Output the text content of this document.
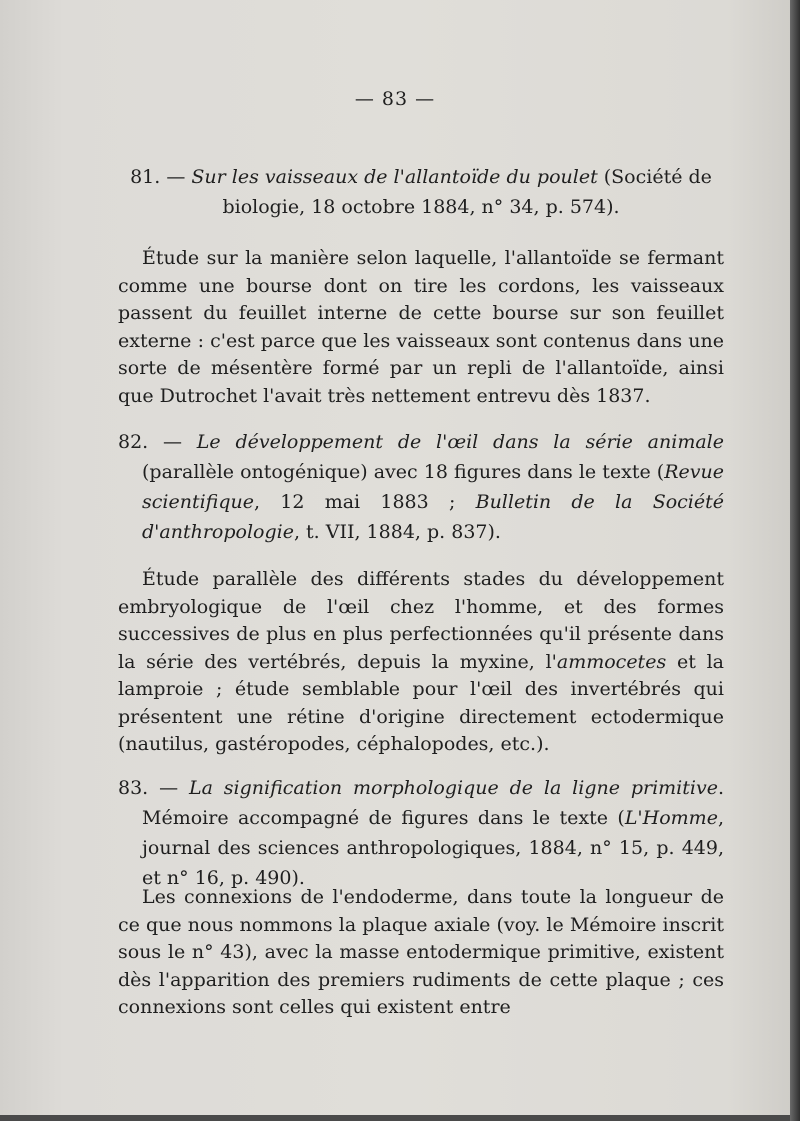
— 83 —
81. — Sur les vaisseaux de l'allantoïde du poulet (Société de biologie, 18 octobre 1884, n° 34, p. 574).
Étude sur la manière selon laquelle, l'allantoïde se fermant comme une bourse dont on tire les cordons, les vaisseaux passent du feuillet interne de cette bourse sur son feuillet externe : c'est parce que les vaisseaux sont contenus dans une sorte de mésentère formé par un repli de l'allantoïde, ainsi que Dutrochet l'avait très nettement entrevu dès 1837.
82. — Le développement de l'œil dans la série animale (parallèle ontogénique) avec 18 figures dans le texte (Revue scientifique, 12 mai 1883 ; Bulletin de la Société d'anthropologie, t. VII, 1884, p. 837).
Étude parallèle des différents stades du développement embryologique de l'œil chez l'homme, et des formes successives de plus en plus perfectionnées qu'il présente dans la série des vertébrés, depuis la myxine, l'ammocetes et la lamproie ; étude semblable pour l'œil des invertébrés qui présentent une rétine d'origine directement ectodermique (nautilus, gastéropodes, céphalopodes, etc.).
83. — La signification morphologique de la ligne primitive. Mémoire accompagné de figures dans le texte (L'Homme, journal des sciences anthropologiques, 1884, n° 15, p. 449, et n° 16, p. 490).
Les connexions de l'endoderme, dans toute la longueur de ce que nous nommons la plaque axiale (voy. le Mémoire inscrit sous le n° 43), avec la masse entodermique primitive, existent dès l'apparition des premiers rudiments de cette plaque ; ces connexions sont celles qui existent entre
